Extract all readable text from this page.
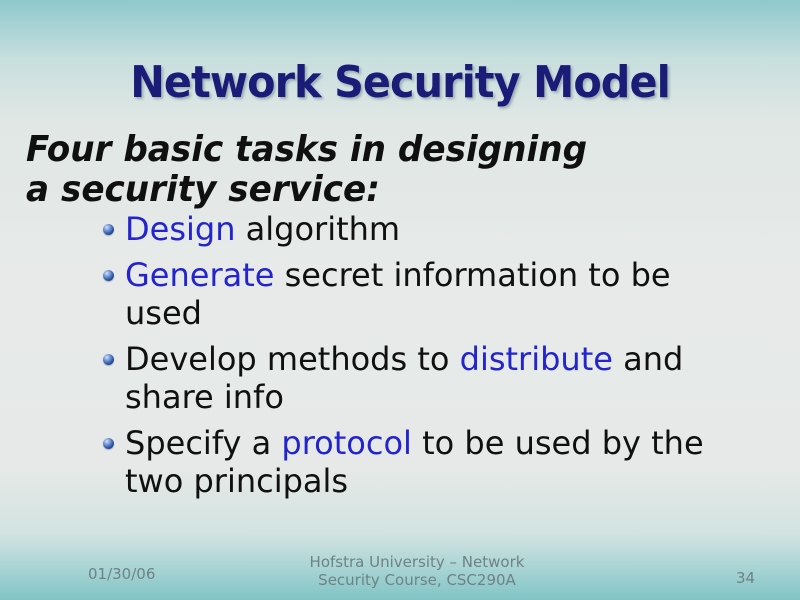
Network Security Model
Four basic tasks in designing
a security service:
Design algorithm
Generate secret information to be used
Develop methods to distribute and share info
Specify a protocol to be used by the two principals
01/30/06
Hofstra University – Network
Security Course, CSC290A	34
